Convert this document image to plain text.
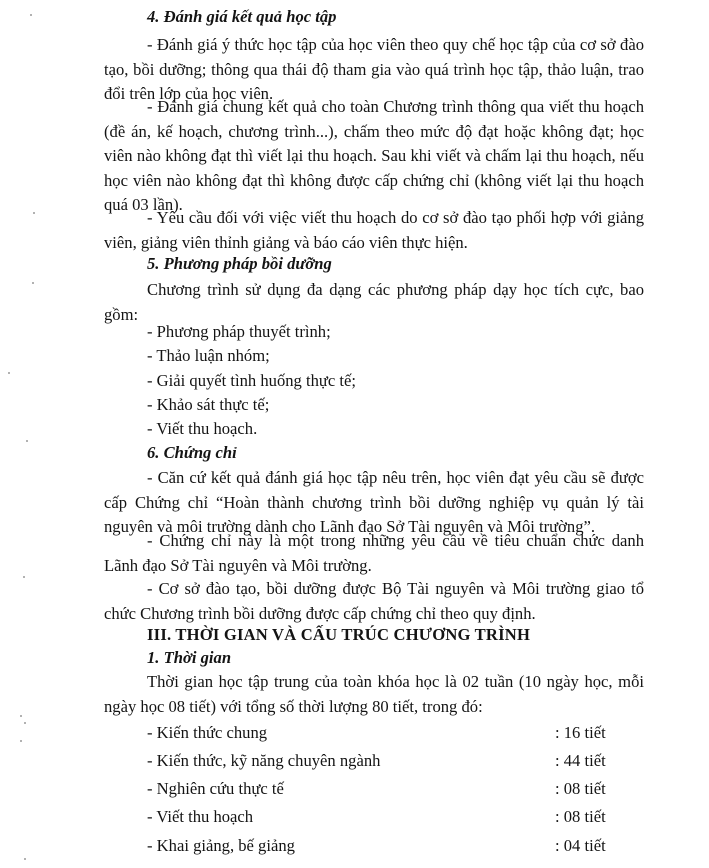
4. Đánh giá kết quả học tập

- Đánh giá ý thức học tập của học viên theo quy chế học tập của cơ sở đào tạo, bồi dưỡng; thông qua thái độ tham gia vào quá trình học tập, thảo luận, trao đổi trên lớp của học viên.

- Đánh giá chung kết quả cho toàn Chương trình thông qua viết thu hoạch (đề án, kế hoạch, chương trình...), chấm theo mức độ đạt hoặc không đạt; học viên nào không đạt thì viết lại thu hoạch. Sau khi viết và chấm lại thu hoạch, nếu học viên nào không đạt thì không được cấp chứng chỉ (không viết lại thu hoạch quá 03 lần).

- Yêu cầu đối với việc viết thu hoạch do cơ sở đào tạo phối hợp với giảng viên, giảng viên thỉnh giảng và báo cáo viên thực hiện.

5. Phương pháp bồi dưỡng

Chương trình sử dụng đa dạng các phương pháp dạy học tích cực, bao gồm:

- Phương pháp thuyết trình;

- Thảo luận nhóm;

- Giải quyết tình huống thực tế;

- Khảo sát thực tế;

- Viết thu hoạch.

6. Chứng chỉ

- Căn cứ kết quả đánh giá học tập nêu trên, học viên đạt yêu cầu sẽ được cấp Chứng chỉ “Hoàn thành chương trình bồi dưỡng nghiệp vụ quản lý tài nguyên và môi trường dành cho Lãnh đạo Sở Tài nguyên và Môi trường”.

- Chứng chỉ này là một trong những yêu cầu về tiêu chuẩn chức danh Lãnh đạo Sở Tài nguyên và Môi trường.

- Cơ sở đào tạo, bồi dưỡng được Bộ Tài nguyên và Môi trường giao tổ chức Chương trình bồi dưỡng được cấp chứng chỉ theo quy định.

III. THỜI GIAN VÀ CẤU TRÚC CHƯƠNG TRÌNH

1. Thời gian

Thời gian học tập trung của toàn khóa học là 02 tuần (10 ngày học, mỗi ngày học 08 tiết) với tổng số thời lượng 80 tiết, trong đó:

- Kiến thức chung	: 16 tiết

- Kiến thức, kỹ năng chuyên ngành	: 44 tiết

- Nghiên cứu thực tế	: 08 tiết

- Viết thu hoạch	: 08 tiết

- Khai giảng, bế giảng	: 04 tiết
